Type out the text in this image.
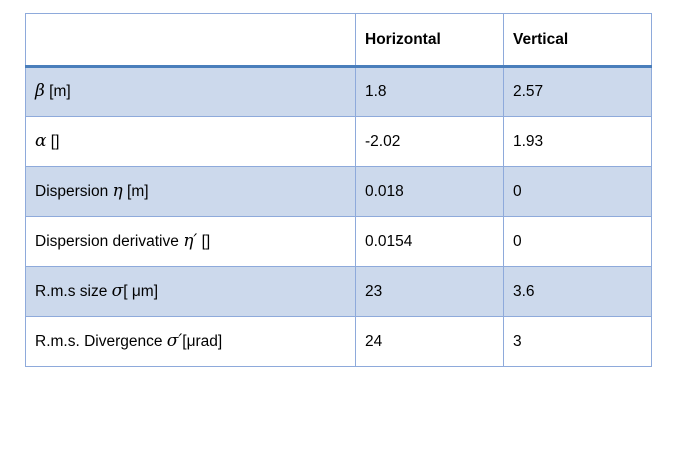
	Horizontal	Vertical
β [m]	1.8	2.57
α []	-2.02	1.93
Dispersion η [m]	0.018	0
Dispersion derivative η′ []	0.0154	0
R.m.s size σ[ μm]	23	3.6
R.m.s. Divergence σ′[μrad]	24	3
